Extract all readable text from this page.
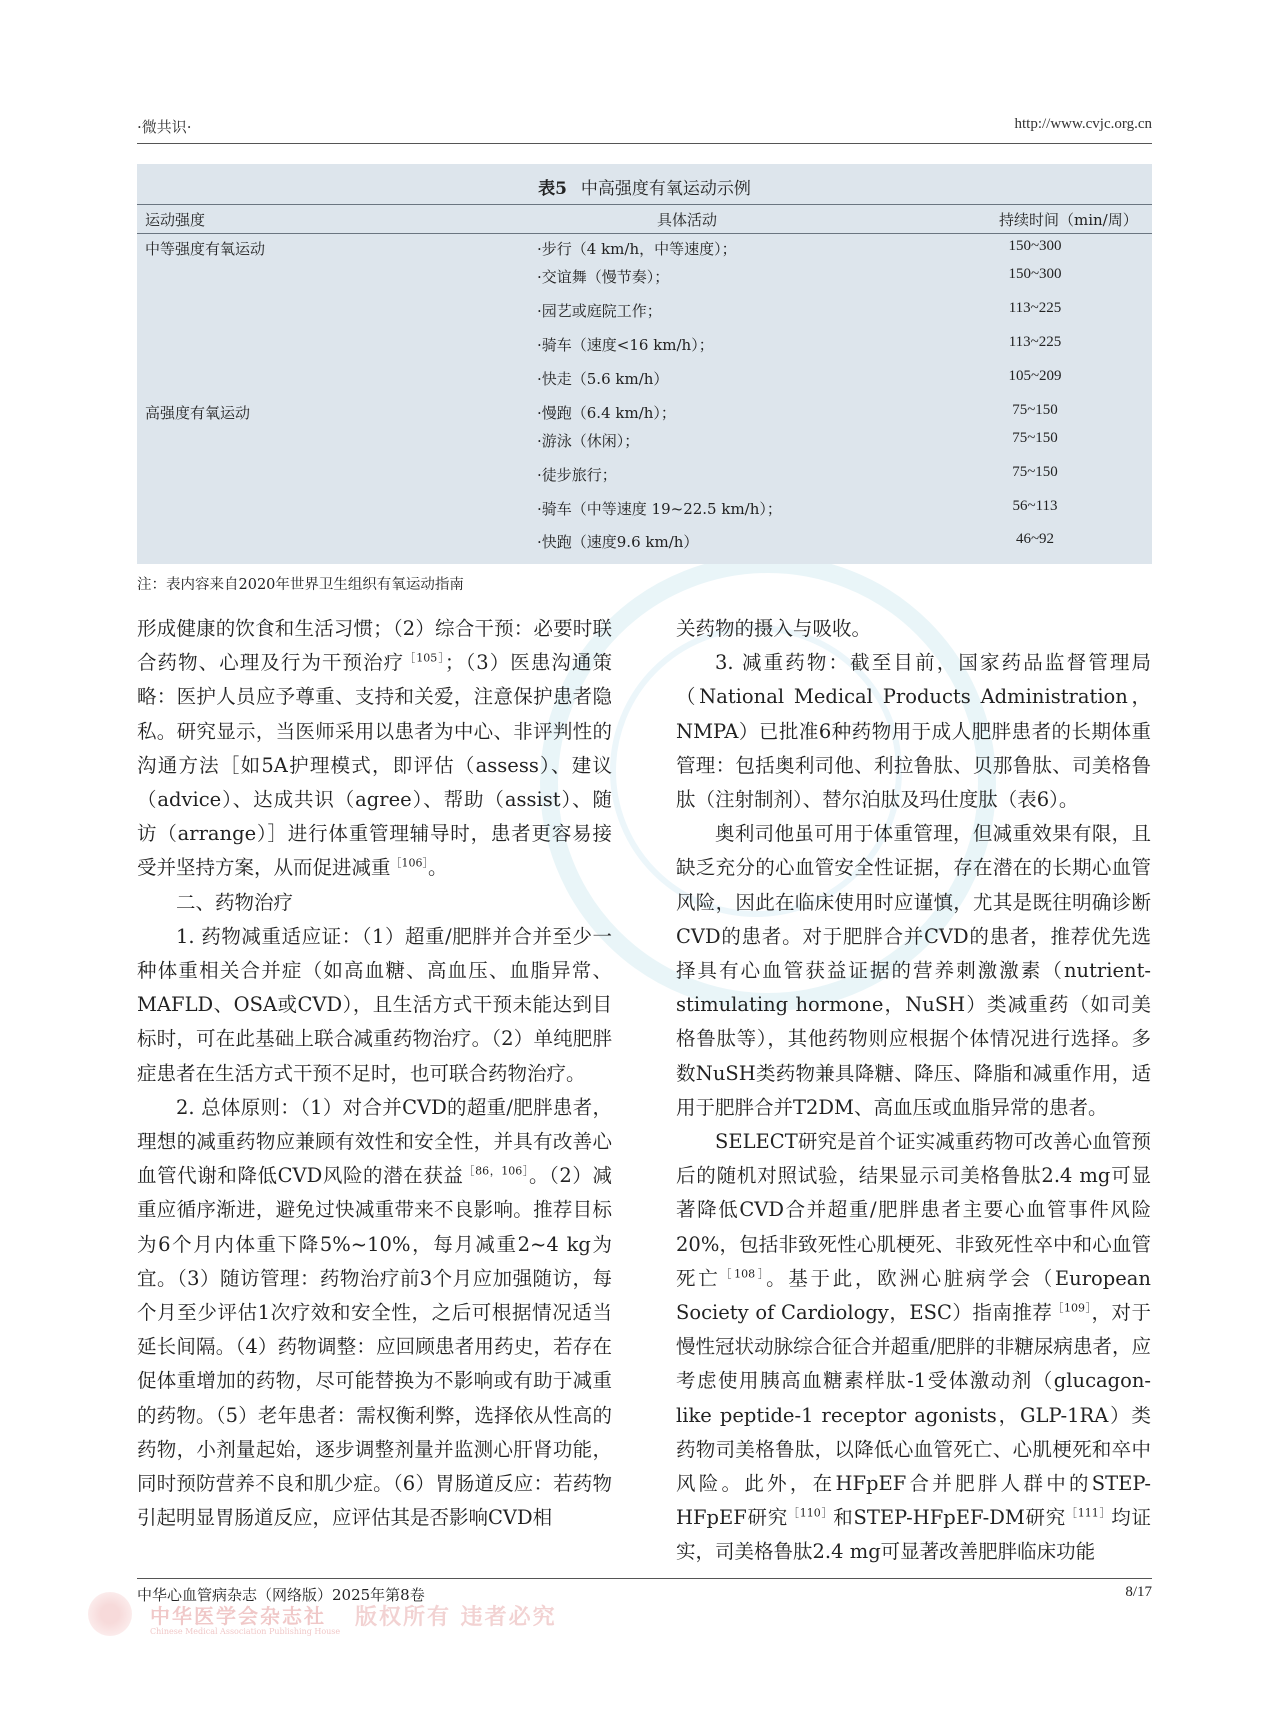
·微共识·	http://www.cvjc.org.cn
表5 中高强度有氧运动示例
运动强度	具体活动	持续时间（min/周）
中等强度有氧运动	·步行（4 km/h，中等速度）；	150~300
·交谊舞（慢节奏）；	150~300
·园艺或庭院工作；	113~225
·骑车（速度<16 km/h）；	113~225
·快走（5.6 km/h）	105~209
高强度有氧运动	·慢跑（6.4 km/h）；	75~150
·游泳（休闲）；	75~150
·徒步旅行；	75~150
·骑车（中等速度 19~22.5 km/h）；	56~113
·快跑（速度9.6 km/h）	46~92
注：表内容来自2020年世界卫生组织有氧运动指南

形成健康的饮食和生活习惯；（2）综合干预：必要时联合药物、心理及行为干预治疗$^{[105]}$；（3）医患沟通策略：医护人员应予尊重、支持和关爱，注意保护患者隐私。研究显示，当医师采用以患者为中心、非评判性的沟通方法［如5A护理模式，即评估（assess）、建议（advice）、达成共识（agree）、帮助（assist）、随访（arrange）］进行体重管理辅导时，患者更容易接受并坚持方案，从而促进减重$^{[106]}$。

二、药物治疗

1. 药物减重适应证：（1）超重/肥胖并合并至少一种体重相关合并症（如高血糖、高血压、血脂异常、MAFLD、OSA或CVD），且生活方式干预未能达到目标时，可在此基础上联合减重药物治疗。（2）单纯肥胖症患者在生活方式干预不足时，也可联合药物治疗。

2. 总体原则：（1）对合并CVD的超重/肥胖患者，理想的减重药物应兼顾有效性和安全性，并具有改善心血管代谢和降低CVD风险的潜在获益$^{[86,106]}$。（2）减重应循序渐进，避免过快减重带来不良影响。推荐目标为6个月内体重下降5%~10%，每月减重2~4 kg为宜。（3）随访管理：药物治疗前3个月应加强随访，每个月至少评估1次疗效和安全性，之后可根据情况适当延长间隔。（4）药物调整：应回顾患者用药史，若存在促体重增加的药物，尽可能替换为不影响或有助于减重的药物。（5）老年患者：需权衡利弊，选择依从性高的药物，小剂量起始，逐步调整剂量并监测心肝肾功能，同时预防营养不良和肌少症。（6）胃肠道反应：若药物引起明显胃肠道反应，应评估其是否影响CVD相

关药物的摄入与吸收。

3. 减重药物：截至目前，国家药品监督管理局（National Medical Products Administration，NMPA）已批准6种药物用于成人肥胖患者的长期体重管理：包括奥利司他、利拉鲁肽、贝那鲁肽、司美格鲁肽（注射制剂）、替尔泊肽及玛仕度肽（表6）。

奥利司他虽可用于体重管理，但减重效果有限，且缺乏充分的心血管安全性证据，存在潜在的长期心血管风险，因此在临床使用时应谨慎，尤其是既往明确诊断CVD的患者。对于肥胖合并CVD的患者，推荐优先选择具有心血管获益证据的营养刺激激素（nutrient-stimulating hormone，NuSH）类减重药（如司美格鲁肽等），其他药物则应根据个体情况进行选择。多数NuSH类药物兼具降糖、降压、降脂和减重作用，适用于肥胖合并T2DM、高血压或血脂异常的患者。

SELECT研究是首个证实减重药物可改善心血管预后的随机对照试验，结果显示司美格鲁肽2.4 mg可显著降低CVD合并超重/肥胖患者主要心血管事件风险20%，包括非致死性心肌梗死、非致死性卒中和心血管死亡$^{[108]}$。基于此，欧洲心脏病学会（European Society of Cardiology，ESC）指南推荐$^{[109]}$，对于慢性冠状动脉综合征合并超重/肥胖的非糖尿病患者，应考虑使用胰高血糖素样肽-1受体激动剂（glucagon-like peptide-1 receptor agonists，GLP-1RA）类药物司美格鲁肽，以降低心血管死亡、心肌梗死和卒中风险。此外，在HFpEF合并肥胖人群中的STEP-HFpEF研究$^{[110]}$和STEP-HFpEF-DM研究$^{[111]}$均证实，司美格鲁肽2.4 mg可显著改善肥胖临床功能

中华心血管病杂志（网络版）2025年第8卷	8/17
中华医学会杂志社
Chinese Medical Association Publishing House
版权所有 违者必究
